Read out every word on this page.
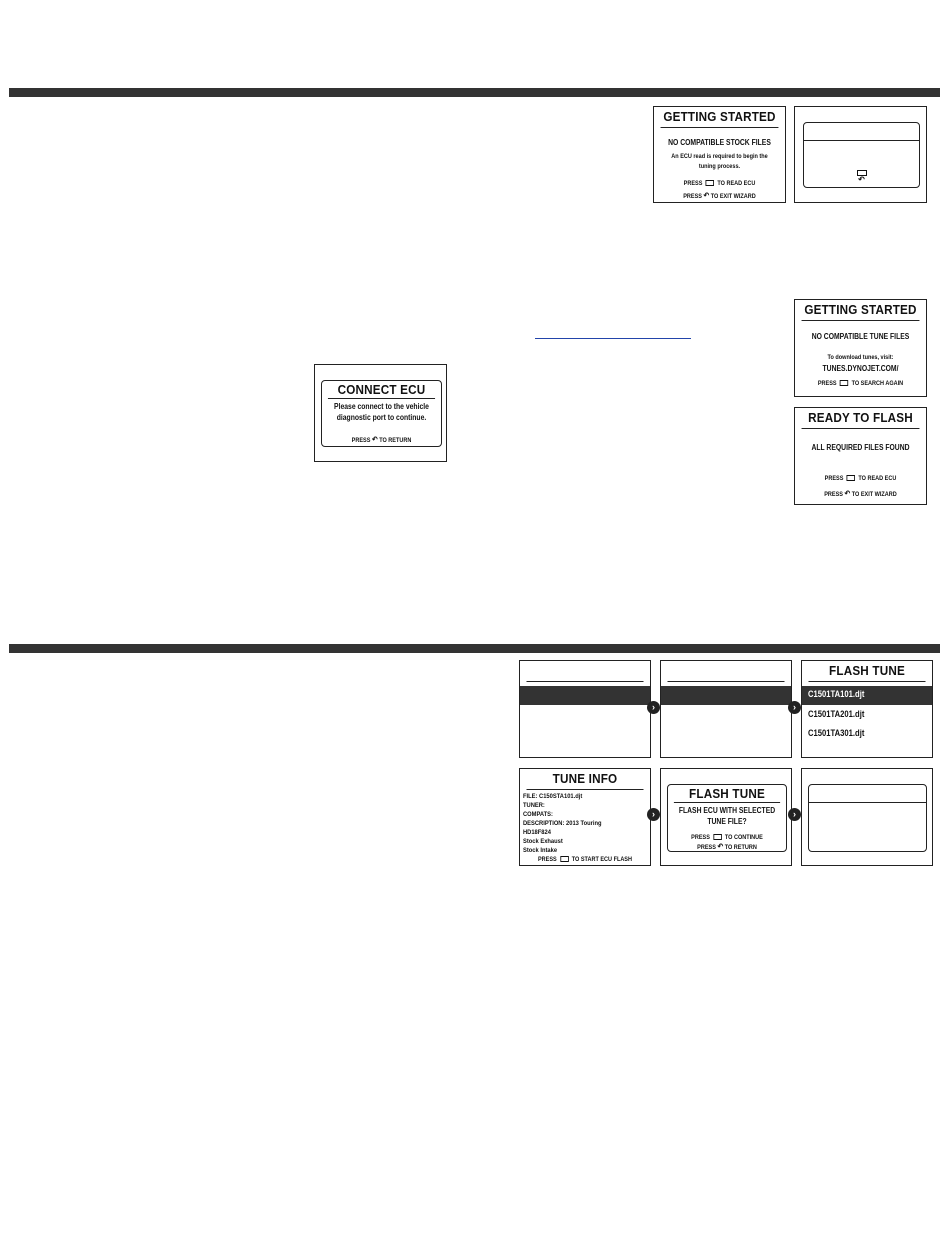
GETTING STARTED
NO COMPATIBLE STOCK FILES
An ECU read is required to begin the
tuning process.
PRESS TO READ ECU
PRESS ↶ TO EXIT WIZARD

↶
CONNECT ECU
Please connect to the vehicle
diagnostic port to continue.
PRESS ↶ TO RETURN
GETTING STARTED
NO COMPATIBLE TUNE FILES
To download tunes, visit:
TUNES.DYNOJET.COM/
PRESS TO SEARCH AGAIN
READY TO FLASH
ALL REQUIRED FILES FOUND
PRESS TO READ ECU
PRESS ↶ TO EXIT WIZARD
›	›
FLASH TUNE
C1501TA101.djt
C1501TA201.djt
C1501TA301.djt
TUNE INFO
FILE: C150STA101.djt
TUNER:
COMPATS:
DESCRIPTION: 2013 Touring
HD18F824
Stock Exhaust
Stock Intake
PRESS TO START ECU FLASH
›
FLASH TUNE
FLASH ECU WITH SELECTED
TUNE FILE?
PRESS TO CONTINUE
PRESS ↶ TO RETURN
›
